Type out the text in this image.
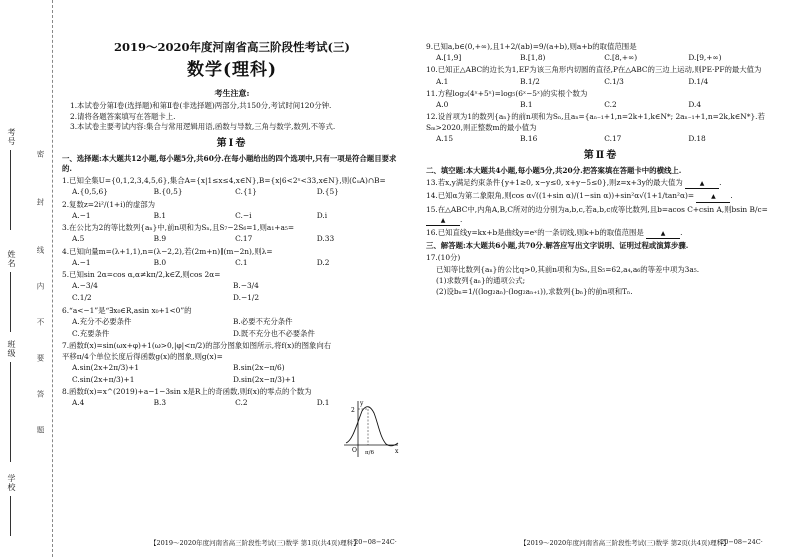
考号
姓名
班级
学校
密
封
线
内
不
要
答
题
2019～2020年度河南省高三阶段性考试(三)
数学(理科)
考生注意:

1.本试卷分第Ⅰ卷(选择题)和第Ⅱ卷(非选择题)两部分,共150分,考试时间120分钟.

2.请将各题答案填写在答题卡上.

3.本试卷主要考试内容:集合与常用逻辑用语,函数与导数,三角与数学,数列,不等式.

第Ⅰ卷
一、选择题:本大题共12小题,每小题5分,共60分.在每小题给出的四个选项中,只有一项是符合题目要求的.
1.已知全集U={0,1,2,3,4,5,6},集合A={x|1≤x≤4,x∈N},B={x|6<2ˣ<33,x∈N},则(∁ᵤA)∩B=
A.{0,5,6}	B.{0,5}	C.{1}	D.{5}
2.复数z=2i²/(1+i)的虚部为
A.−1	B.1	C.−i	D.i
3.在公比为2的等比数列{aₙ}中,前n项和为Sₙ,且S₇−2S₆=1,则a₁+a₅=
A.5	B.9	C.17	D.33
4.已知向量m=(λ+1,1),n=(λ−2,2),若(2m+n)∥(m−2n),则λ=
A.−1	B.0	C.1	D.2
5.已知sin 2α=cos α,α≠kπ/2,k∈Z,则cos 2α=
A.−3/4	B.−3/4
C.1/2	D.−1/2
6.“a<−1”是“∃x₀∈R,asin x₀+1<0”的
A.充分不必要条件	B.必要不充分条件
C.充要条件	D.既不充分也不必要条件
7.函数f(x)=sin(ωx+φ)+1(ω>0,|φ|<π/2)的部分图象如图所示,将f(x)的图象向右平移π/4个单位长度后得函数g(x)的图象,则g(x)=
A.sin(2x+2π/3)+1	B.sin(2x−π/6)
C.sin(2x+π/3)+1	D.sin(2x−π/3)+1
8.函数f(x)=x^(2019)+a−1−3sin x是R上的奇函数,则f(x)的零点的个数为
A.4	B.3	C.2	D.1	y
2
x
O π/6
9.已知a,b∈(0,+∞),且1+2/(ab)=9/(a+b),则a+b的取值范围是
A.[1,9]	B.[1,8)	C.[8,+∞)	D.[9,+∞)
10.已知正△ABC的边长为1,EF为该三角形内切圆的直径,P在△ABC的三边上运动,则PE·PF的最大值为
A.1	B.1/2	C.1/3	D.1/4
11.方程log₂(4ˣ+5ˣ)=log₅(6ˣ−5ˣ)的实根个数为
A.0	B.1	C.2	D.4
12.设首项为1的数列{aₙ}的前n项和为Sₙ,且aₙ={aₙ₋₁+1,n=2k+1,k∈N*; 2aₙ₋₁+1,n=2k,k∈N*}.若Sₘ>2020,则正整数m的最小值为
A.15	B.16	C.17	D.18
第Ⅱ卷
二、填空题:本大题共4小题,每小题5分,共20分.把答案填在答题卡中的横线上.
13.若x,y满足约束条件{y+1≥0, x−y≤0, x+y−5≤0},则z=x+3y的最大值为	▲ .
14.已知α为第二象限角,则cos α√((1+sin α)/(1−sin α))+sin²α√(1+1/tan²α)=	▲ .
15.在△ABC中,内角A,B,C所对的边分别为a,b,c,若a,b,c成等比数列,且b=acos C+csin A,则bsin B/c= ▲ .
16.已知直线y=kx+b是曲线y=eˣ的一条切线,则k+b的取值范围是	▲ .
三、解答题:本大题共6小题,共70分.解答应写出文字说明、证明过程或演算步骤.
17.(10分)
已知等比数列{aₙ}的公比q>0,其前n项和为Sₙ,且S₅=62,a₄,a₆的等差中项为3a₅.
(1)求数列{aₙ}的通项公式;
(2)设bₙ=1/((log₂aₙ)·(log₂aₙ₊₁)),求数列{bₙ}的前n项和Tₙ.
【2019～2020年度河南省高三阶段性考试(三)数学 第1页(共4页)理科】
·20−08−24C·	【2019～2020年度河南省高三阶段性考试(三)数学 第2页(共4页)理科】
·20−08−24C·
